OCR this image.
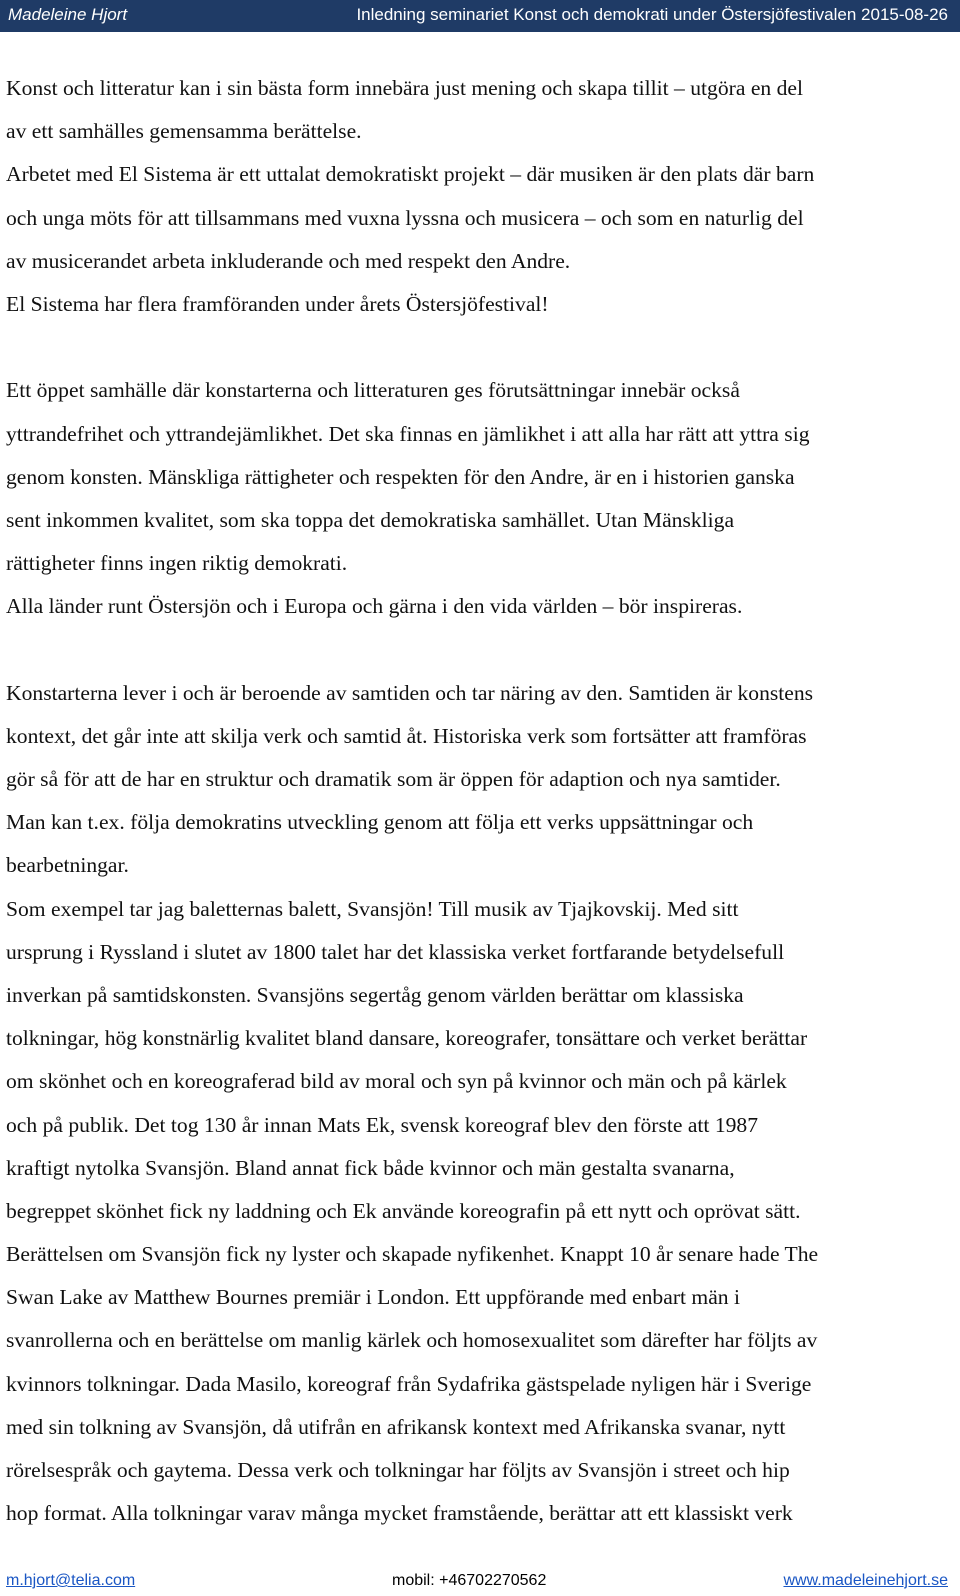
Madeleine Hjort	Inledning seminariet Konst och demokrati under Östersjöfestivalen 2015-08-26
Konst och litteratur kan i sin bästa form innebära just mening och skapa tillit – utgöra en del
av ett samhälles gemensamma berättelse.
Arbetet med El Sistema är ett uttalat demokratiskt projekt – där musiken är den plats där barn
och unga möts för att tillsammans med vuxna lyssna och musicera – och som en naturlig del
av musicerandet arbeta inkluderande och med respekt den Andre.
El Sistema har flera framföranden under årets Östersjöfestival!
Ett öppet samhälle där konstarterna och litteraturen ges förutsättningar innebär också
yttrandefrihet och yttrandejämlikhet. Det ska finnas en jämlikhet i att alla har rätt att yttra sig
genom konsten. Mänskliga rättigheter och respekten för den Andre, är en i historien ganska
sent inkommen kvalitet, som ska toppa det demokratiska samhället. Utan Mänskliga
rättigheter finns ingen riktig demokrati.
Alla länder runt Östersjön och i Europa och gärna i den vida världen – bör inspireras.
Konstarterna lever i och är beroende av samtiden och tar näring av den. Samtiden är konstens
kontext, det går inte att skilja verk och samtid åt. Historiska verk som fortsätter att framföras
gör så för att de har en struktur och dramatik som är öppen för adaption och nya samtider.
Man kan t.ex. följa demokratins utveckling genom att följa ett verks uppsättningar och
bearbetningar.
Som exempel tar jag baletternas balett, Svansjön! Till musik av Tjajkovskij. Med sitt
ursprung i Ryssland i slutet av 1800 talet har det klassiska verket fortfarande betydelsefull
inverkan på samtidskonsten. Svansjöns segertåg genom världen berättar om klassiska
tolkningar, hög konstnärlig kvalitet bland dansare, koreografer, tonsättare och verket berättar
om skönhet och en koreograferad bild av moral och syn på kvinnor och män och på kärlek
och på publik. Det tog 130 år innan Mats Ek, svensk koreograf blev den förste att 1987
kraftigt nytolka Svansjön. Bland annat fick både kvinnor och män gestalta svanarna,
begreppet skönhet fick ny laddning och Ek använde koreografin på ett nytt och oprövat sätt.
Berättelsen om Svansjön fick ny lyster och skapade nyfikenhet. Knappt 10 år senare hade The
Swan Lake av Matthew Bournes premiär i London. Ett uppförande med enbart män i
svanrollerna och en berättelse om manlig kärlek och homosexualitet som därefter har följts av
kvinnors tolkningar. Dada Masilo, koreograf från Sydafrika gästspelade nyligen här i Sverige
med sin tolkning av Svansjön, då utifrån en afrikansk kontext med Afrikanska svanar, nytt
rörelsespråk och gaytema. Dessa verk och tolkningar har följts av Svansjön i street och hip
hop format. Alla tolkningar varav många mycket framstående, berättar att ett klassiskt verk
m.hjort@telia.com	mobil: +46702270562	www.madeleinehjort.se
